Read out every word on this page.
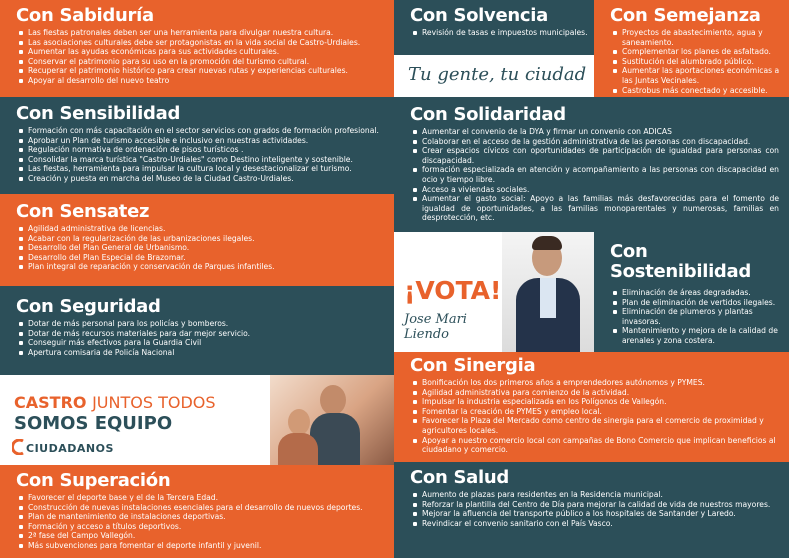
Con Sabiduría
Las fiestas patronales deben ser una herramienta para divulgar nuestra cultura.
Las asociaciones culturales debe ser protagonistas en la vida social de Castro-Urdiales.
Aumentar las ayudas económicas para sus actividades culturales.
Conservar el patrimonio para su uso en la promoción del turismo cultural.
Recuperar el patrimonio histórico para crear nuevas rutas y experiencias culturales.
Apoyar al desarrollo del nuevo teatro
Con Sensibilidad
Formación con más capacitación en el sector servicios con grados de formación profesional.
Aprobar un Plan de turismo accesible e inclusivo en nuestras actividades.
Regulación normativa de ordenación de pisos turísticos .
Consolidar la marca turística "Castro-Urdiales" como Destino inteligente y sostenible.
Las fiestas, herramienta para impulsar la cultura local y desestacionalizar el turismo.
Creación y puesta en marcha del Museo de la Ciudad Castro-Urdiales.
Con Sensatez
Agilidad administrativa de licencias.
Acabar con la regularización de las urbanizaciones ilegales.
Desarrollo del Plan General de Urbanismo.
Desarrollo del Plan Especial de Brazomar.
Plan integral de reparación y conservación de Parques infantiles.
Con Seguridad
Dotar de más personal para los policías y bomberos.
Dotar de más recursos materiales para dar mejor servicio.
Conseguir más efectivos para la Guardia Civil
Apertura comisaria de Policía Nacional
CASTRO JUNTOS TODOS
SOMOS EQUIPO
CIUDADANOS
Con Superación
Favorecer el deporte base y el de la Tercera Edad.
Construcción de nuevas instalaciones esenciales para el desarrollo de nuevos deportes.
Plan de mantenimiento de instalaciones deportivas.
Formación y acceso a títulos deportivos.
2ª fase del Campo Vallegón.
Más subvenciones para fomentar el deporte infantil y juvenil.
Con Solvencia
Revisión de tasas e impuestos municipales.
Tu gente, tu ciudad
Con Semejanza
Proyectos de abastecimiento, agua y saneamiento.
Complementar los planes de asfaltado.
Sustitución del alumbrado público.
Aumentar las aportaciones económicas a las Juntas Vecinales.
Castrobus más conectado y accesible.
Con Solidaridad
Aumentar el convenio de la DYA y firmar un convenio con ADICAS
Colaborar en el acceso de la gestión administrativa de las personas con discapacidad.
Crear espacios cívicos con oportunidades de participación de igualdad para personas con discapacidad.
formación especializada en atención y acompañamiento a las personas con discapacidad en ocio y tiempo libre.
Acceso a viviendas sociales.
Aumentar el gasto social: Apoyo a las familias más desfavorecidas para el fomento de igualdad de oportunidades, a las familias monoparentales y numerosas, familias en desprotección, etc.
¡VOTA!
Jose Mari
Liendo
Con Sostenibilidad
Eliminación de áreas degradadas.
Plan de eliminación de vertidos ilegales.
Eliminación de plumeros y plantas invasoras.
Mantenimiento y mejora de la calidad de arenales y zona costera.
Con Sinergia
Bonificación los dos primeros años a emprendedores autónomos y PYMES.
Agilidad administrativa para comienzo de la actividad.
Impulsar la industria especializada en los Polígonos de Vallegón.
Fomentar la creación de PYMES y empleo local.
Favorecer la Plaza del Mercado como centro de sinergia para el comercio de proximidad y agricultores locales.
Apoyar a nuestro comercio local con campañas de Bono Comercio que implican beneficios al ciudadano y comercio.
Con Salud
Aumento de plazas para residentes en la Residencia municipal.
Reforzar la plantilla del Centro de Día para mejorar la calidad de vida de nuestros mayores.
Mejorar la afluencia del transporte público a los hospitales de Santander y Laredo.
Revindicar el convenio sanitario con el País Vasco.
